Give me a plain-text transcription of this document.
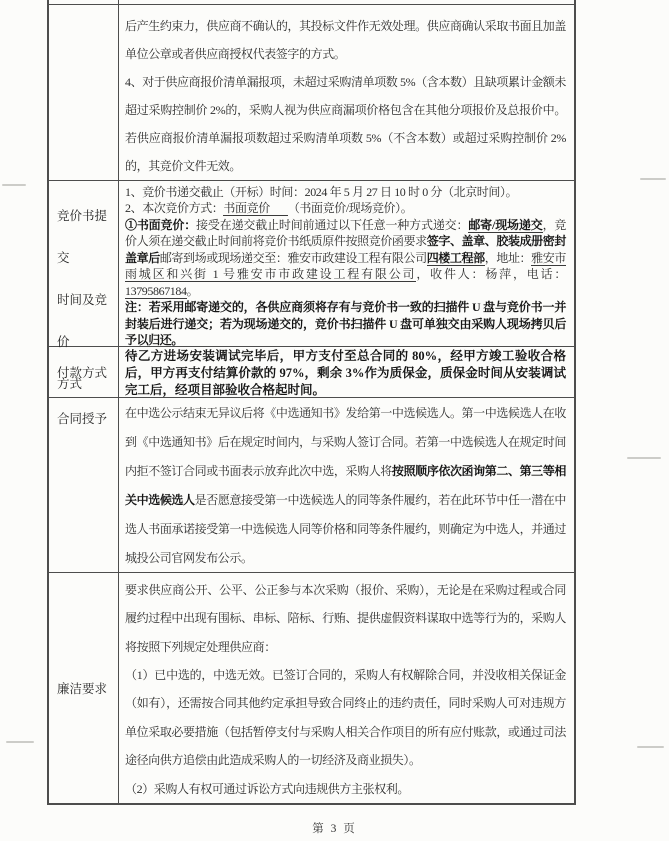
后产生约束力，供应商不确认的，其投标文件作无效处理。供应商确认采取书面且加盖单位公章或者供应商授权代表签字的方式。

4、对于供应商报价清单漏报项，未超过采购清单项数 5%（含本数）且缺项累计金额未超过采购控制价 2%的，采购人视为供应商漏项价格包含在其他分项报价及总报价中。若供应商报价清单漏报项数超过采购清单项数 5%（不含本数）或超过采购控制价 2%的，其竞价文件无效。

竞价书提交
时间及竞价
方式

1、竞价书递交截止（开标）时间：2024 年 5 月 27 日 10 时 0 分（北京时间）。

2、本次竞价方式：书面竞价 （书面竞价/现场竞价）。

①书面竞价：接受在递交截止时间前通过以下任意一种方式递交：邮寄/现场递交，竞价人须在递交截止时间前将竞价书纸质原件按照竞价函要求签字、盖章、胶装成册密封盖章后邮寄到场或现场递交至：雅安市政建设工程有限公司四楼工程部，地址：雅安市雨城区和兴街 1 号雅安市市政建设工程有限公司，收件人：杨萍，电话：13795867184。

注：若采用邮寄递交的，各供应商须将存有与竞价书一致的扫描件 U 盘与竞价书一并封装后进行递交；若为现场递交的，竞价书扫描件 U 盘可单独交由采购人现场拷贝后予以归还。

付款方式

待乙方进场安装调试完毕后，甲方支付至总合同的 80%，经甲方竣工验收合格后，甲方再支付结算价款的 97%，剩余 3%作为质保金，质保金时间从安装调试完工后，经项目部验收合格起时间。

合同授予	在中选公示结束无异议后将《中选通知书》发给第一中选候选人。第一中选候选人在收到《中选通知书》后在规定时间内，与采购人签订合同。若第一中选候选人在规定时间内拒不签订合同或书面表示放弃此次中选，采购人将按照顺序依次函询第二、第三等相关中选候选人是否愿意接受第一中选候选人的同等条件履约，若在此环节中任一潜在中选人书面承诺接受第一中选候选人同等价格和同等条件履约，则确定为中选人，并通过城投公司官网发布公示。

廉洁要求

要求供应商公开、公平、公正参与本次采购（报价、采购），无论是在采购过程或合同履约过程中出现有围标、串标、陪标、行贿、提供虚假资料谋取中选等行为的，采购人将按照下列规定处理供应商：

（1）已中选的，中选无效。已签订合同的，采购人有权解除合同，并没收相关保证金（如有），还需按合同其他约定承担导致合同终止的违约责任，同时采购人可对违规方单位采取必要措施（包括暂停支付与采购人相关合作项目的所有应付账款，或通过司法途径向供方追偿由此造成采购人的一切经济及商业损失）。

（2）采购人有权可通过诉讼方式向违规供方主张权利。

第 3 页
